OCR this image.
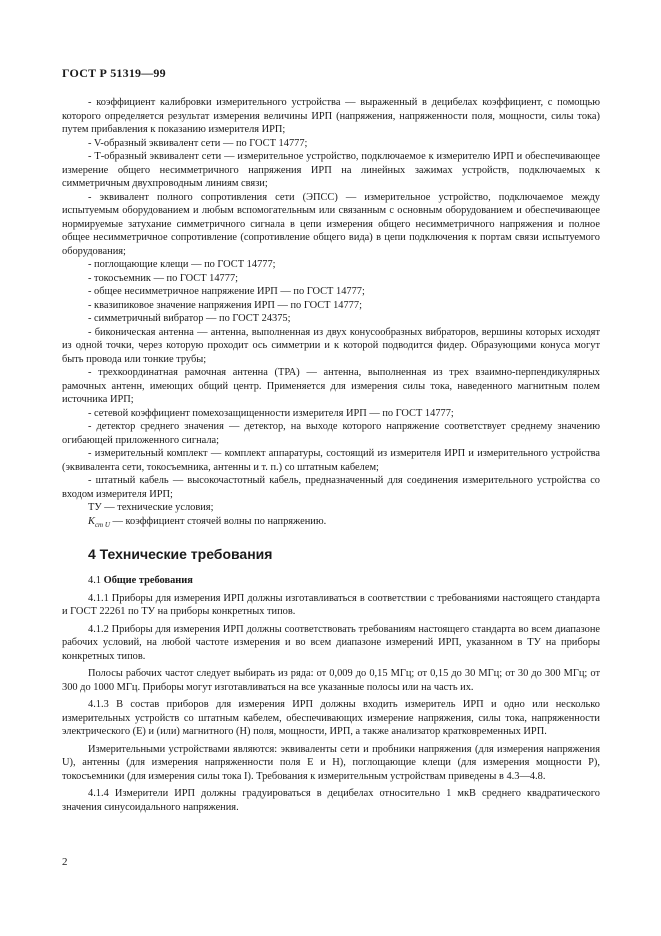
ГОСТ Р 51319—99

- коэффициент калибровки измерительного устройства — выраженный в децибелах коэффициент, с помощью которого определяется результат измерения величины ИРП (напряжения, напряженности поля, мощности, силы тока) путем прибавления к показанию измерителя ИРП;

- V-образный эквивалент сети — по ГОСТ 14777;

- Т-образный эквивалент сети — измерительное устройство, подключаемое к измерителю ИРП и обеспечивающее измерение общего несимметричного напряжения ИРП на линейных зажимах устройств, подключаемых к симметричным двухпроводным линиям связи;

- эквивалент полного сопротивления сети (ЭПСС) — измерительное устройство, подключаемое между испытуемым оборудованием и любым вспомогательным или связанным с основным оборудованием и обеспечивающее нормируемые затухание симметричного сигнала в цепи измерения общего несимметричного напряжения и полное общее несимметричное сопротивление (сопротивление общего вида) в цепи подключения к портам связи испытуемого оборудования;

- поглощающие клещи — по ГОСТ 14777;

- токосъемник — по ГОСТ 14777;

- общее несимметричное напряжение ИРП — по ГОСТ 14777;

- квазипиковое значение напряжения ИРП — по ГОСТ 14777;

- симметричный вибратор — по ГОСТ 24375;

- биконическая антенна — антенна, выполненная из двух конусообразных вибраторов, вершины которых исходят из одной точки, через которую проходит ось симметрии и к которой подводится фидер. Образующими конуса могут быть провода или тонкие трубы;

- трехкоординатная рамочная антенна (ТРА) — антенна, выполненная из трех взаимно-перпендикулярных рамочных антенн, имеющих общий центр. Применяется для измерения силы тока, наведенного магнитным полем источника ИРП;

- сетевой коэффициент помехозащищенности измерителя ИРП — по ГОСТ 14777;

- детектор среднего значения — детектор, на выходе которого напряжение соответствует среднему значению огибающей приложенного сигнала;

- измерительный комплект — комплект аппаратуры, состоящий из измерителя ИРП и измерительного устройства (эквивалента сети, токосъемника, антенны и т. п.) со штатным кабелем;

- штатный кабель — высокочастотный кабель, предназначенный для соединения измерительного устройства со входом измерителя ИРП;

ТУ — технические условия;

$K_{ст U}$ — коэффициент стоячей волны по напряжению.

4 Технические требования

4.1 Общие требования

4.1.1 Приборы для измерения ИРП должны изготавливаться в соответствии с требованиями настоящего стандарта и ГОСТ 22261 по ТУ на приборы конкретных типов.

4.1.2 Приборы для измерения ИРП должны соответствовать требованиям настоящего стандарта во всем диапазоне рабочих условий, на любой частоте измерения и во всем диапазоне измерений ИРП, указанном в ТУ на приборы конкретных типов.

Полосы рабочих частот следует выбирать из ряда: от 0,009 до 0,15 МГц; от 0,15 до 30 МГц; от 30 до 300 МГц; от 300 до 1000 МГц. Приборы могут изготавливаться на все указанные полосы или на часть их.

4.1.3 В состав приборов для измерения ИРП должны входить измеритель ИРП и одно или несколько измерительных устройств со штатным кабелем, обеспечивающих измерение напряжения, силы тока, напряженности электрического (E) и (или) магнитного (H) поля, мощности, ИРП, а также анализатор кратковременных ИРП.

Измерительными устройствами являются: эквиваленты сети и пробники напряжения (для измерения напряжения U), антенны (для измерения напряженности поля E и H), поглощающие клещи (для измерения мощности P), токосъемники (для измерения силы тока I). Требования к измерительным устройствам приведены в 4.3—4.8.

4.1.4 Измерители ИРП должны градуироваться в децибелах относительно 1 мкВ среднего квадратического значения синусоидального напряжения.

2
